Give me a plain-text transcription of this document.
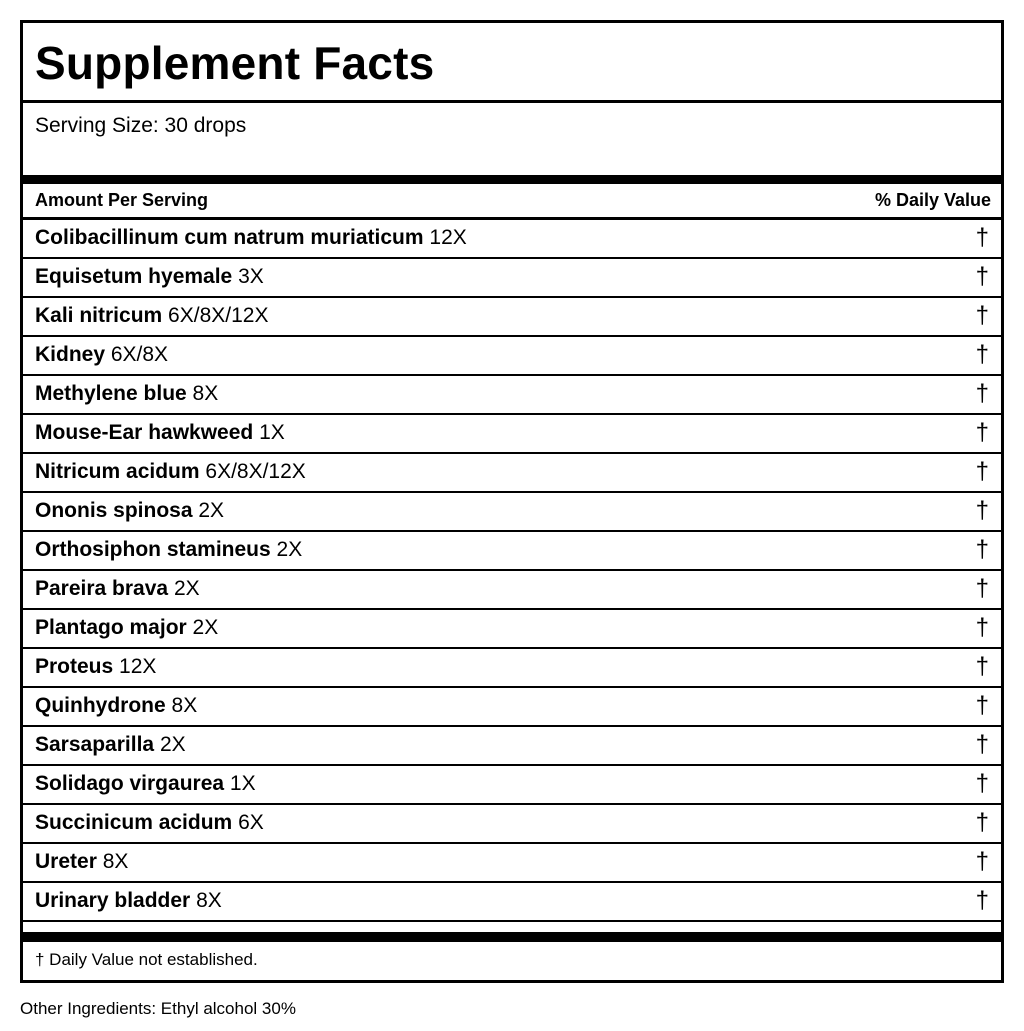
Supplement Facts
Serving Size: 30 drops
Amount Per Serving	% Daily Value
Colibacillinum cum natrum muriaticum 12X	†
Equisetum hyemale 3X	†
Kali nitricum 6X/8X/12X	†
Kidney 6X/8X	†
Methylene blue 8X	†
Mouse-Ear hawkweed 1X	†
Nitricum acidum 6X/8X/12X	†
Ononis spinosa 2X	†
Orthosiphon stamineus 2X	†
Pareira brava 2X	†
Plantago major 2X	†
Proteus 12X	†
Quinhydrone 8X	†
Sarsaparilla 2X	†
Solidago virgaurea 1X	†
Succinicum acidum 6X	†
Ureter 8X	†
Urinary bladder 8X	†
† Daily Value not established.
Other Ingredients: Ethyl alcohol 30%
